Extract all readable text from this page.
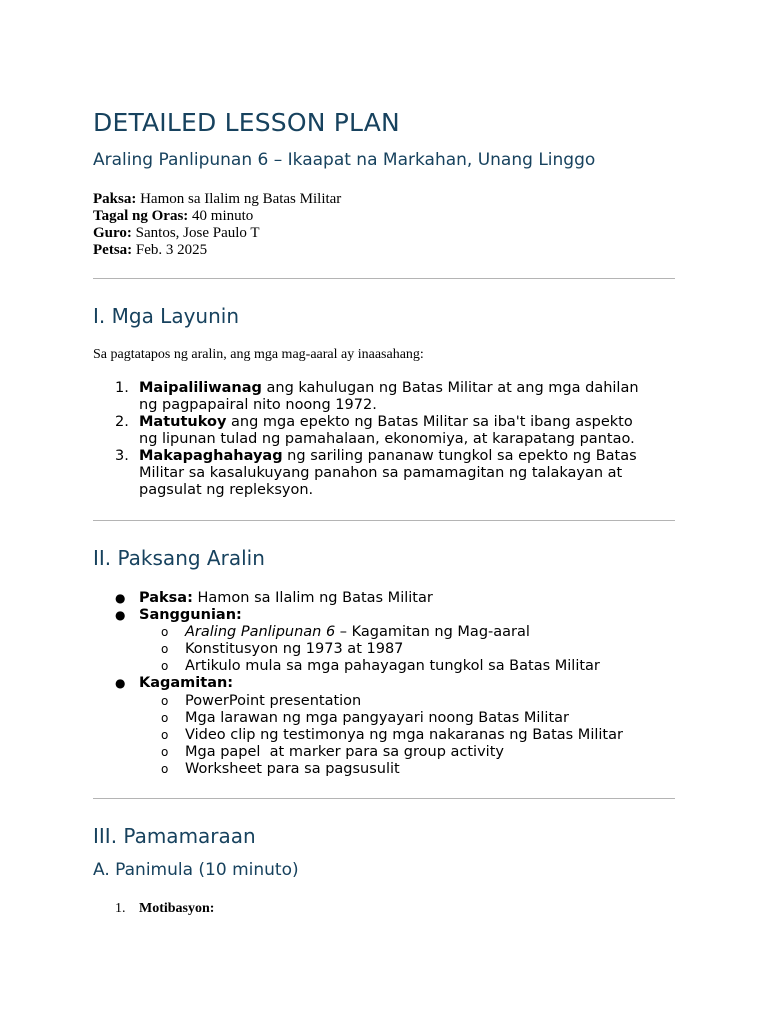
DETAILED LESSON PLAN
Araling Panlipunan 6 – Ikaapat na Markahan, Unang Linggo
Paksa: Hamon sa Ilalim ng Batas Militar
Tagal ng Oras: 40 minuto
Guro: Santos, Jose Paulo T
Petsa: Feb. 3 2025
I. Mga Layunin
Sa pagtatapos ng aralin, ang mga mag-aaral ay inaasahang:
1. Maipaliliwanag ang kahulugan ng Batas Militar at ang mga dahilan
ng pagpapairal nito noong 1972.
2. Matutukoy ang mga epekto ng Batas Militar sa iba't ibang aspekto
ng lipunan tulad ng pamahalaan, ekonomiya, at karapatang pantao.
3. Makapaghahayag ng sariling pananaw tungkol sa epekto ng Batas
Militar sa kasalukuyang panahon sa pamamagitan ng talakayan at
pagsulat ng repleksyon.
II. Paksang Aralin
● Paksa: Hamon sa Ilalim ng Batas Militar
● Sanggunian:
o Araling Panlipunan 6 – Kagamitan ng Mag-aaral
o Konstitusyon ng 1973 at 1987
o Artikulo mula sa mga pahayagan tungkol sa Batas Militar
● Kagamitan:
o PowerPoint presentation
o Mga larawan ng mga pangyayari noong Batas Militar
o Video clip ng testimonya ng mga nakaranas ng Batas Militar
o Mga papel  at marker para sa group activity
o Worksheet para sa pagsusulit
III. Pamamaraan
A. Panimula (10 minuto)
1. Motibasyon:
